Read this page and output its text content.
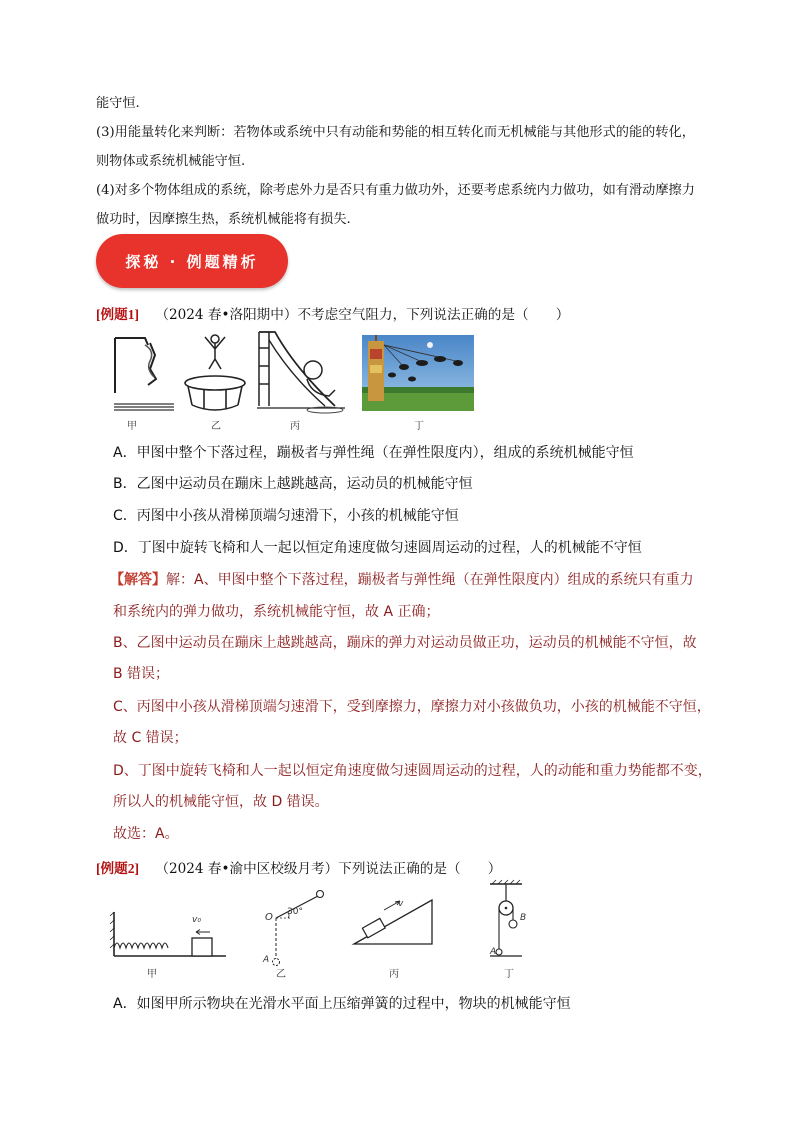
能守恒.
(3)用能量转化来判断：若物体或系统中只有动能和势能的相互转化而无机械能与其他形式的能的转化，则物体或系统机械能守恒.
(4)对多个物体组成的系统，除考虑外力是否只有重力做功外，还要考虑系统内力做功，如有滑动摩擦力做功时，因摩擦生热，系统机械能将有损失.
探秘 · 例题精析
[例题1] （2024 春•洛阳期中）不考虑空气阻力，下列说法正确的是（　　）
甲	乙	丙	丁
A．甲图中整个下落过程，蹦极者与弹性绳（在弹性限度内），组成的系统机械能守恒
B．乙图中运动员在蹦床上越跳越高，运动员的机械能守恒
C．丙图中小孩从滑梯顶端匀速滑下，小孩的机械能守恒
D．丁图中旋转飞椅和人一起以恒定角速度做匀速圆周运动的过程，人的机械能不守恒
【解答】解：A、甲图中整个下落过程，蹦极者与弹性绳（在弹性限度内）组成的系统只有重力
和系统内的弹力做功，系统机械能守恒，故 A 正确；
B、乙图中运动员在蹦床上越跳越高，蹦床的弹力对运动员做正功，运动员的机械能不守恒，故
B 错误；
C、丙图中小孩从滑梯顶端匀速滑下，受到摩擦力，摩擦力对小孩做负功，小孩的机械能不守恒，
故 C 错误；
D、丁图中旋转飞椅和人一起以恒定角速度做匀速圆周运动的过程，人的动能和重力势能都不变，
所以人的机械能守恒，故 D 错误。
故选：A。
[例题2] （2024 春•渝中区校级月考）下列说法正确的是（　　）
v₀	O 30°
A
v
B
A
甲	乙	丙	丁
A．如图甲所示物块在光滑水平面上压缩弹簧的过程中，物块的机械能守恒
